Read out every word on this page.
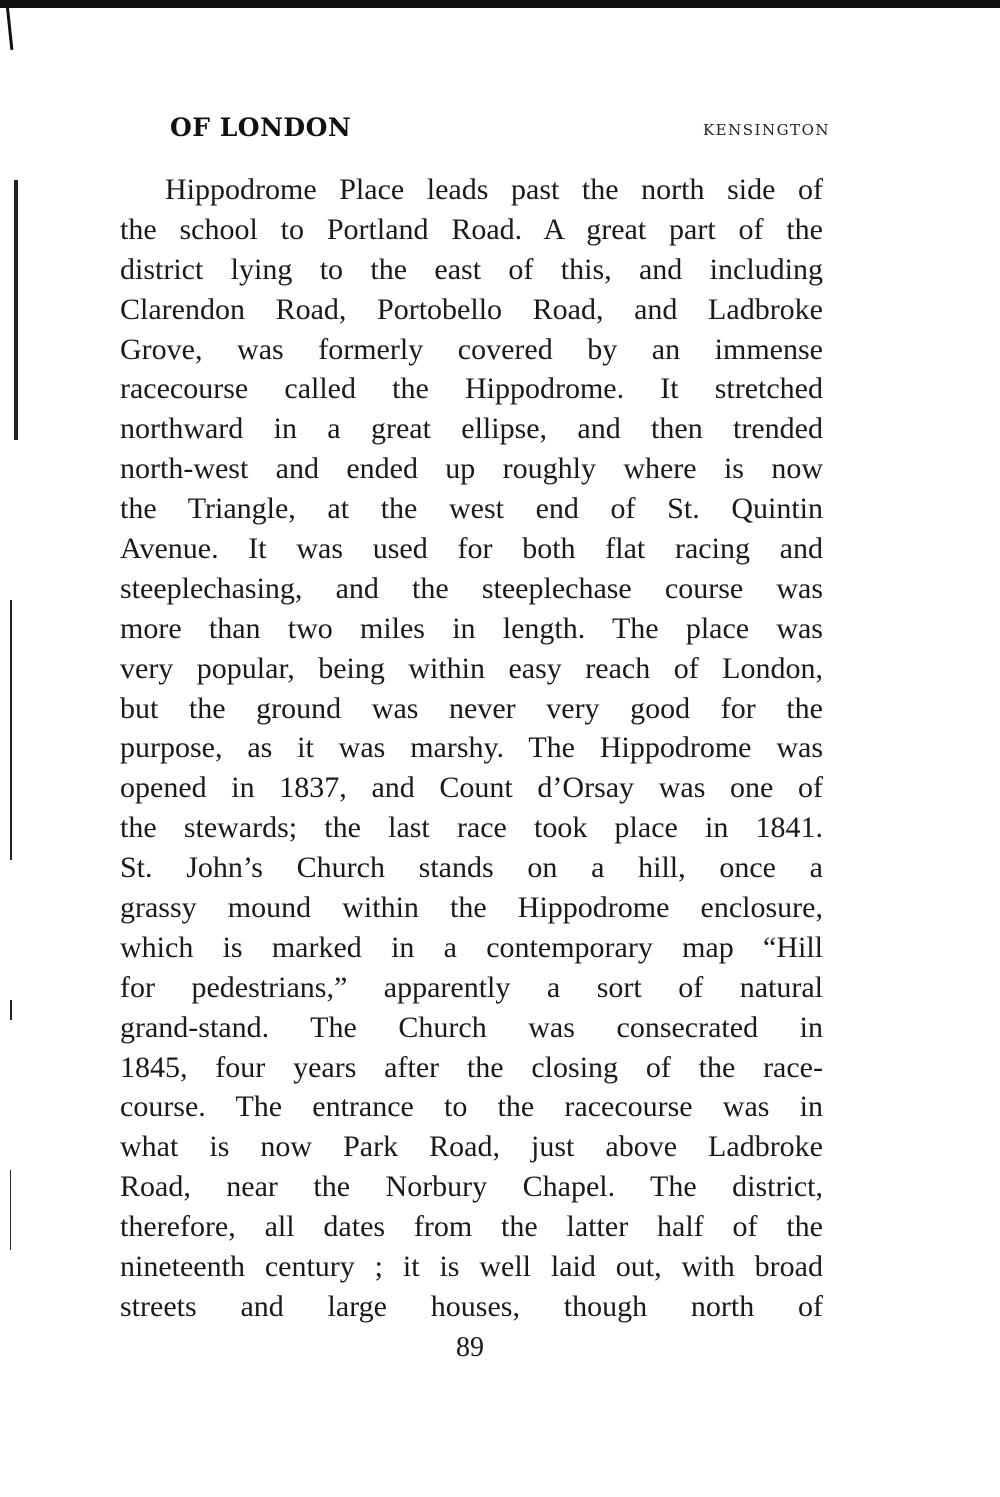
OF LONDON	KENSINGTON
Hippodrome Place leads past the north side of
the school to Portland Road. A great part of the
district lying to the east of this, and including
Clarendon Road, Portobello Road, and Ladbroke
Grove, was formerly covered by an immense
racecourse called the Hippodrome. It stretched
northward in a great ellipse, and then trended
north-west and ended up roughly where is now
the Triangle, at the west end of St. Quintin
Avenue. It was used for both flat racing and
steeplechasing, and the steeplechase course was
more than two miles in length. The place was
very popular, being within easy reach of London,
but the ground was never very good for the
purpose, as it was marshy. The Hippodrome was
opened in 1837, and Count d’Orsay was one of
the stewards; the last race took place in 1841.
St. John’s Church stands on a hill, once a
grassy mound within the Hippodrome enclosure,
which is marked in a contemporary map “Hill
for pedestrians,” apparently a sort of natural
grand-stand. The Church was consecrated in
1845, four years after the closing of the race-
course. The entrance to the racecourse was in
what is now Park Road, just above Ladbroke
Road, near the Norbury Chapel. The district,
therefore, all dates from the latter half of the
nineteenth century ; it is well laid out, with broad
streets and large houses, though north of
89
